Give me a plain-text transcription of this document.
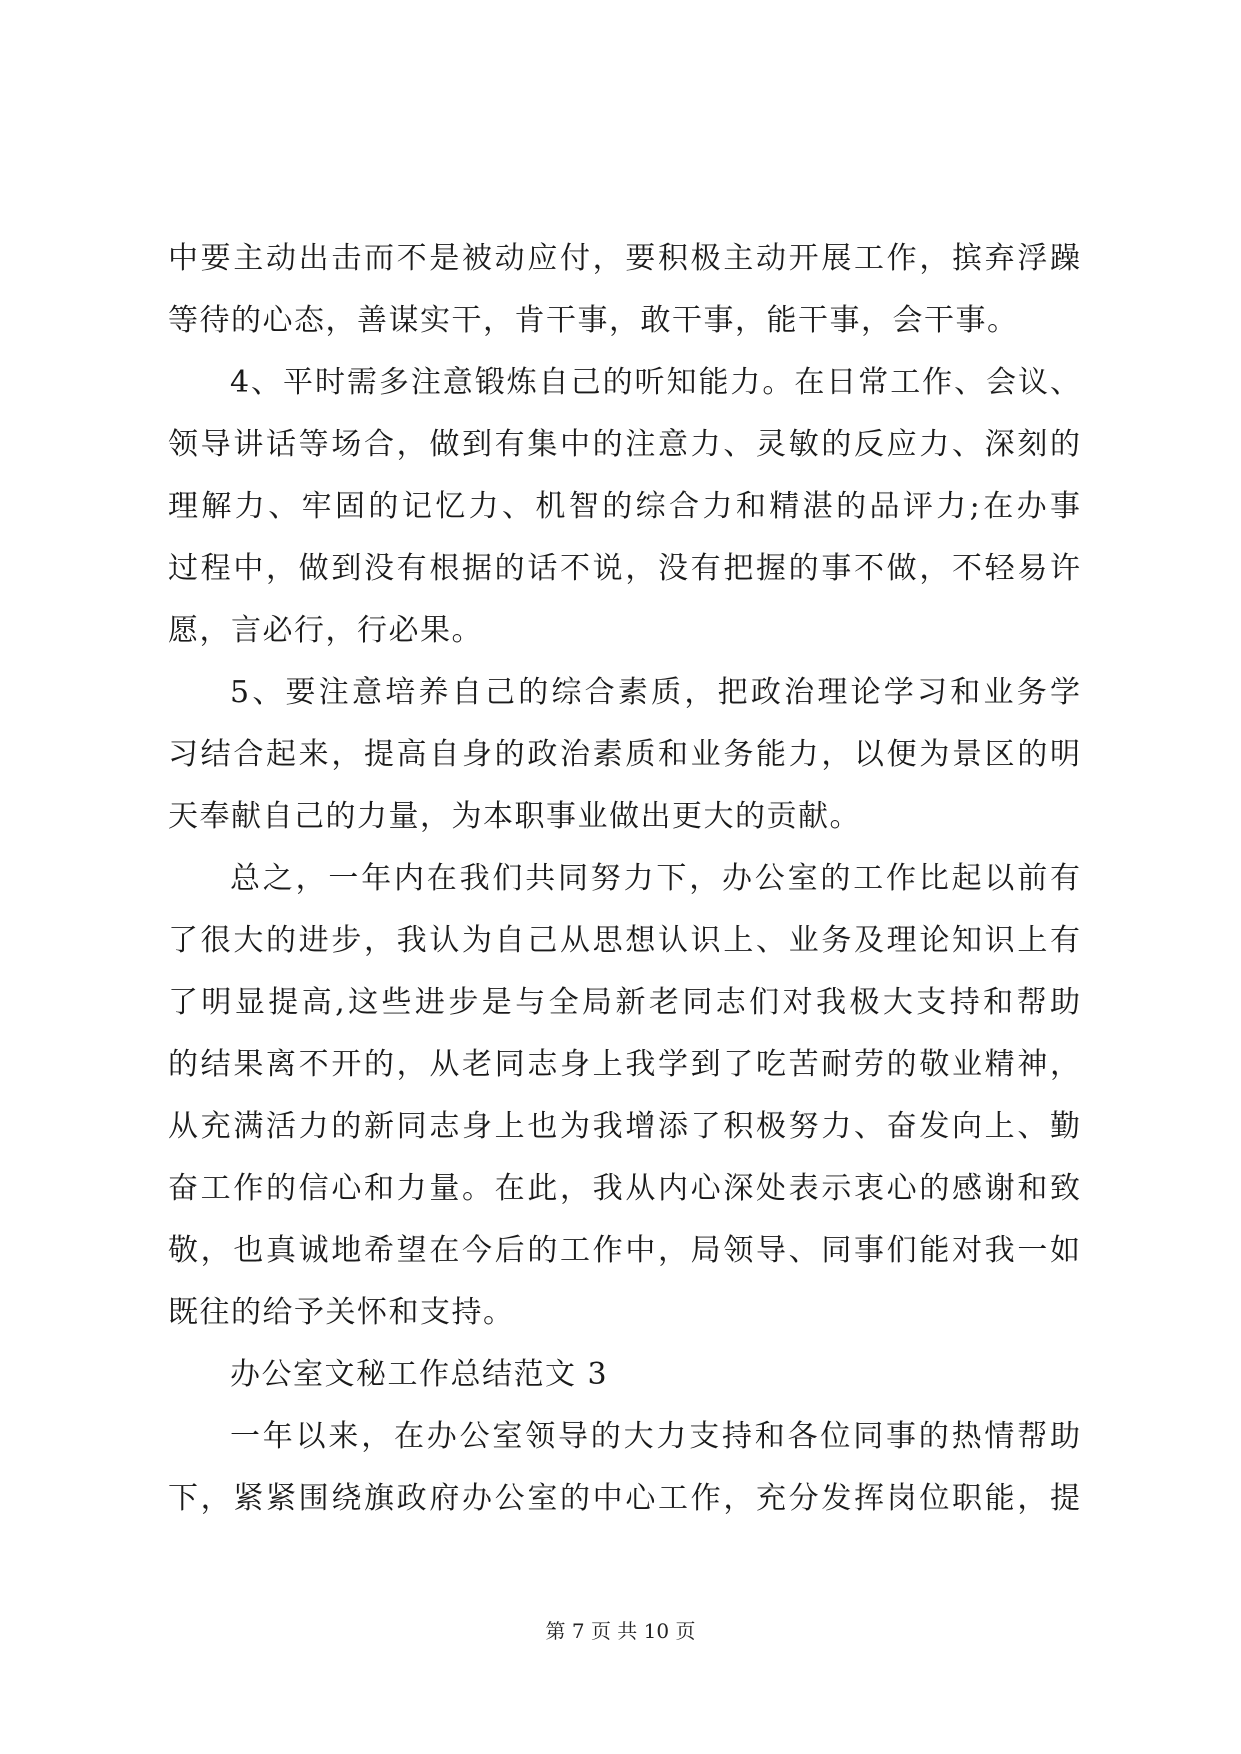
中要主动出击而不是被动应付，要积极主动开展工作，摈弃浮躁
等待的心态，善谋实干，肯干事，敢干事，能干事，会干事。
4、平时需多注意锻炼自己的听知能力。在日常工作、会议、
领导讲话等场合，做到有集中的注意力、灵敏的反应力、深刻的
理解力、牢固的记忆力、机智的综合力和精湛的品评力;在办事
过程中，做到没有根据的话不说，没有把握的事不做，不轻易许
愿，言必行，行必果。
5、要注意培养自己的综合素质，把政治理论学习和业务学
习结合起来，提高自身的政治素质和业务能力，以便为景区的明
天奉献自己的力量，为本职事业做出更大的贡献。
总之，一年内在我们共同努力下，办公室的工作比起以前有
了很大的进步，我认为自己从思想认识上、业务及理论知识上有
了明显提高,这些进步是与全局新老同志们对我极大支持和帮助
的结果离不开的，从老同志身上我学到了吃苦耐劳的敬业精神，
从充满活力的新同志身上也为我增添了积极努力、奋发向上、勤
奋工作的信心和力量。在此，我从内心深处表示衷心的感谢和致
敬，也真诚地希望在今后的工作中，局领导、同事们能对我一如
既往的给予关怀和支持。
办公室文秘工作总结范文 3
一年以来，在办公室领导的大力支持和各位同事的热情帮助
下，紧紧围绕旗政府办公室的中心工作，充分发挥岗位职能，提
第 7 页 共 10 页
